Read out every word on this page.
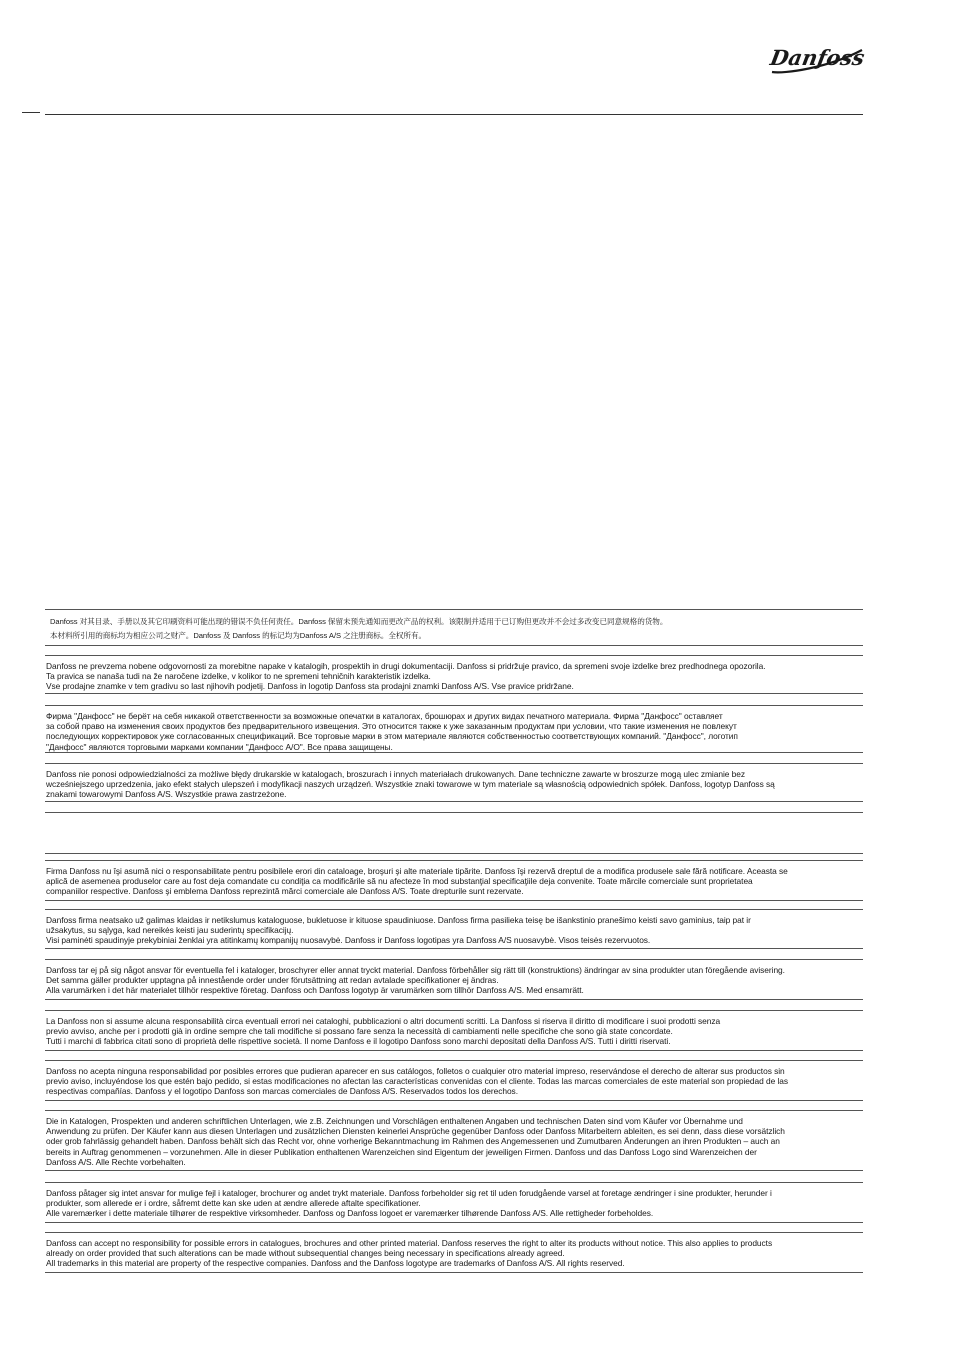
Danfoss
Danfoss 对其目录、手册以及其它印刷资料可能出现的错误不负任何责任。Danfoss 保留未预先通知而更改产品的权利。该限制并适用于已订购但更改并不会过多改变已同意规格的货物。
本材料所引用的商标均为相应公司之财产。Danfoss 及 Danfoss 的标记均为Danfoss A/S 之注册商标。全权所有。
Danfoss ne prevzema nobene odgovornosti za morebitne napake v katalogih, prospektih in drugi dokumentaciji. Danfoss si pridržuje pravico, da spremeni svoje izdelke brez predhodnega opozorila.
Ta pravica se nanaša tudi na že naročene izdelke, v kolikor to ne spremeni tehničnih karakteristik izdelka.
Vse prodajne znamke v tem gradivu so last njihovih podjetij. Danfoss in logotip Danfoss sta prodajni znamki Danfoss A/S. Vse pravice pridržane.
Фирма "Данфосс" не берёт на себя никакой ответственности за возможные опечатки в каталогах, брошюрах и других видах печатного материала. Фирма "Данфосс" оставляет
за собой право на изменения своих продуктов без предварительного извещения. Это относится также к уже заказанным продуктам при условии, что такие изменения не повлекут
последующих корректировок уже согласованных спецификаций. Все торговые марки в этом материале являются собственностью соответствующих компаний. "Данфосс", логотип
"Данфосс" являются торговыми марками компании "Данфосс А/О". Все права защищены.
Danfoss nie ponosi odpowiedzialności za możliwe błędy drukarskie w katalogach, broszurach i innych materiałach drukowanych. Dane techniczne zawarte w broszurze mogą ulec zmianie bez
wcześniejszego uprzedzenia, jako efekt stałych ulepszeń i modyfikacji naszych urządzeń. Wszystkie znaki towarowe w tym materiale są własnością odpowiednich spółek. Danfoss, logotyp Danfoss są
znakami towarowymi Danfoss A/S. Wszystkie prawa zastrzeżone.
Firma Danfoss nu îşi asumă nici o responsabilitate pentru posibilele erori din cataloage, broşuri şi alte materiale tipărite. Danfoss îşi rezervă dreptul de a modifica produsele sale fără notificare. Aceasta se
aplică de asemenea produselor care au fost deja comandate cu condiţia ca modificările să nu afecteze în mod substanţial specificaţiile deja convenite. Toate mărcile comerciale sunt proprietatea
companiilor respective. Danfoss şi emblema Danfoss reprezintă mărci comerciale ale Danfoss A/S. Toate drepturile sunt rezervate.
Danfoss firma neatsako už galimas klaidas ir netikslumus kataloguose, bukletuose ir kituose spaudiniuose. Danfoss firma pasilieka teisę be išankstinio pranešimo keisti savo gaminius, taip pat ir
užsakytus, su sąlyga, kad nereikės keisti jau suderintų specifikacijų.
Visi paminėti spaudinyje prekybiniai ženklai yra atitinkamų kompanijų nuosavybė. Danfoss ir Danfoss logotipas yra Danfoss A/S nuosavybė. Visos teisės rezervuotos.
Danfoss tar ej på sig något ansvar för eventuella fel i kataloger, broschyrer eller annat tryckt material. Danfoss förbehåller sig rätt till (konstruktions) ändringar av sina produkter utan föregående avisering.
Det samma gäller produkter upptagna på innestående order under förutsättning att redan avtalade specifikationer ej ändras.
Alla varumärken i det här materialet tillhör respektive företag. Danfoss och Danfoss logotyp är varumärken som tillhör Danfoss A/S. Med ensamrätt.
La Danfoss non si assume alcuna responsabilità circa eventuali errori nei cataloghi, pubblicazioni o altri documenti scritti. La Danfoss si riserva il diritto di modificare i suoi prodotti senza
previo avviso, anche per i prodotti già in ordine sempre che tali modifiche si possano fare senza la necessità di cambiamenti nelle specifiche che sono già state concordate.
Tutti i marchi di fabbrica citati sono di proprietà delle rispettive società. Il nome Danfoss e il logotipo Danfoss sono marchi depositati della Danfoss A/S. Tutti i diritti riservati.
Danfoss no acepta ninguna responsabilidad por posibles errores que pudieran aparecer en sus catálogos, folletos o cualquier otro material impreso, reservándose el derecho de alterar sus productos sin
previo aviso, incluyéndose los que estén bajo pedido, si estas modificaciones no afectan las características convenidas con el cliente. Todas las marcas comerciales de este material son propiedad de las
respectivas compañías. Danfoss y el logotipo Danfoss son marcas comerciales de Danfoss A/S. Reservados todos los derechos.
Die in Katalogen, Prospekten und anderen schriftlichen Unterlagen, wie z.B. Zeichnungen und Vorschlägen enthaltenen Angaben und technischen Daten sind vom Käufer vor Übernahme und
Anwendung zu prüfen. Der Käufer kann aus diesen Unterlagen und zusätzlichen Diensten keinerlei Ansprüche gegenüber Danfoss oder Danfoss Mitarbeitern ableiten, es sei denn, dass diese vorsätzlich
oder grob fahrlässig gehandelt haben. Danfoss behält sich das Recht vor, ohne vorherige Bekanntmachung im Rahmen des Angemessenen und Zumutbaren Änderungen an ihren Produkten – auch an
bereits in Auftrag genommenen – vorzunehmen. Alle in dieser Publikation enthaltenen Warenzeichen sind Eigentum der jeweiligen Firmen. Danfoss und das Danfoss Logo sind Warenzeichen der
Danfoss A/S. Alle Rechte vorbehalten.
Danfoss påtager sig intet ansvar for mulige fejl i kataloger, brochurer og andet trykt materiale. Danfoss forbeholder sig ret til uden forudgående varsel at foretage ændringer i sine produkter, herunder i
produkter, som allerede er i ordre, såfremt dette kan ske uden at ændre allerede aftalte specifikationer.
Alle varemærker i dette materiale tilhører de respektive virksomheder. Danfoss og Danfoss logoet er varemærker tilhørende Danfoss A/S. Alle rettigheder forbeholdes.
Danfoss can accept no responsibility for possible errors in catalogues, brochures and other printed material. Danfoss reserves the right to alter its products without notice. This also applies to products
already on order provided that such alterations can be made without subsequential changes being necessary in specifications already agreed.
All trademarks in this material are property of the respective companies. Danfoss and the Danfoss logotype are trademarks of Danfoss A/S. All rights reserved.
